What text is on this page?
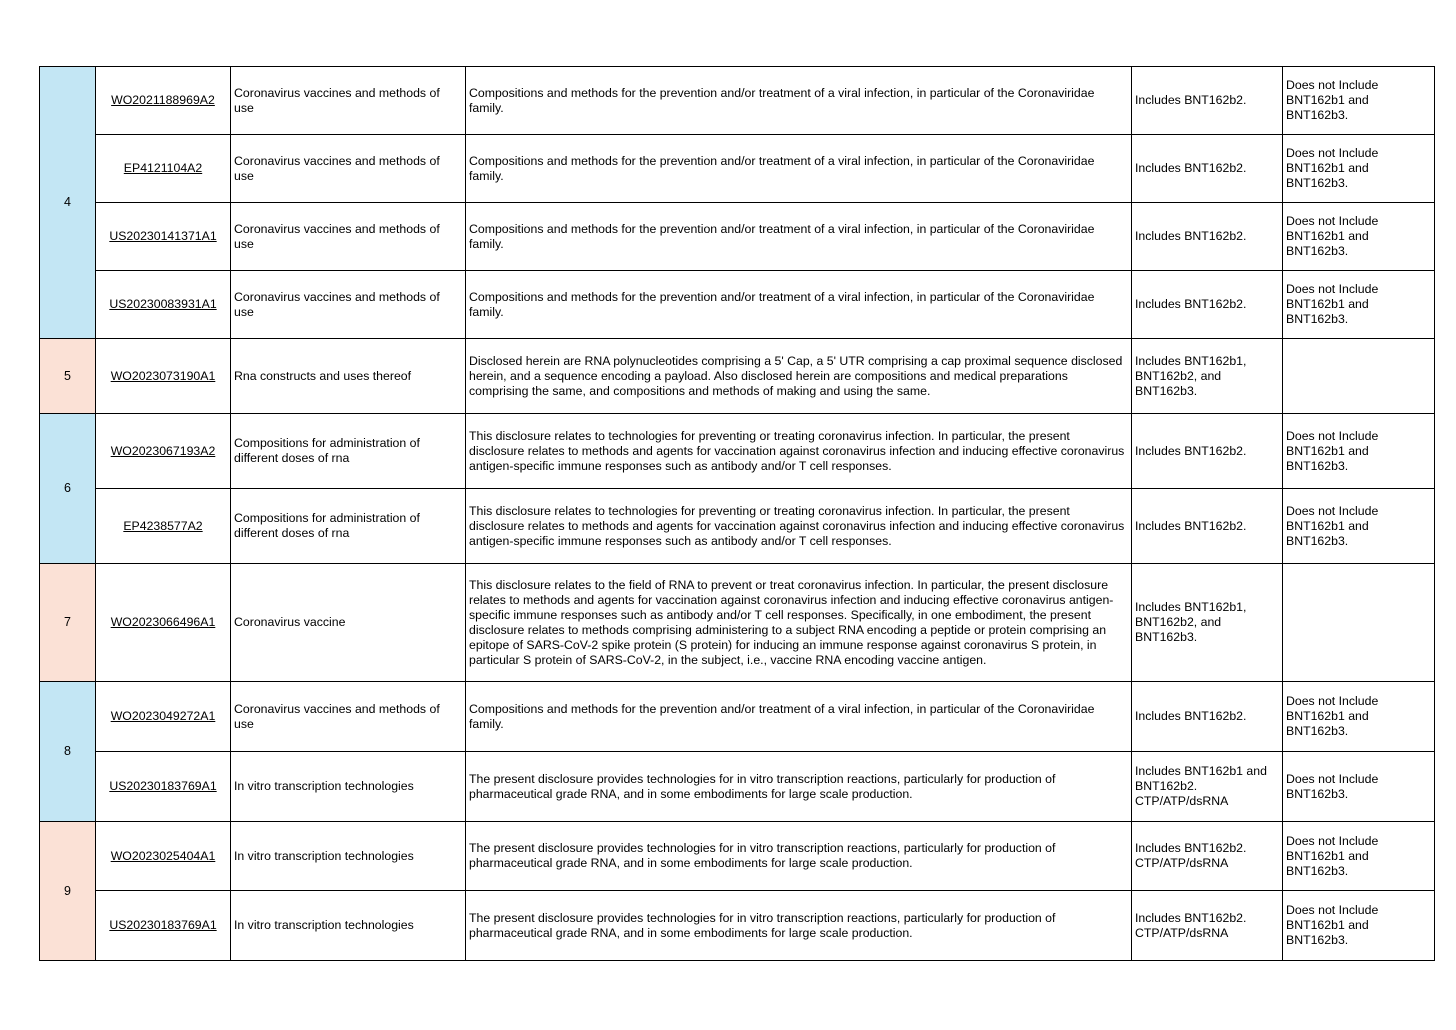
4	WO2021188969A2	Coronavirus vaccines and methods of use	Compositions and methods for the prevention and/or treatment of a viral infection, in particular of the Coronaviridae family.	Includes BNT162b2.	Does not Include BNT162b1 and BNT162b3.
	EP4121104A2	Coronavirus vaccines and methods of use	Compositions and methods for the prevention and/or treatment of a viral infection, in particular of the Coronaviridae family.	Includes BNT162b2.	Does not Include BNT162b1 and BNT162b3.
	US20230141371A1	Coronavirus vaccines and methods of use	Compositions and methods for the prevention and/or treatment of a viral infection, in particular of the Coronaviridae family.	Includes BNT162b2.	Does not Include BNT162b1 and BNT162b3.
	US20230083931A1	Coronavirus vaccines and methods of use	Compositions and methods for the prevention and/or treatment of a viral infection, in particular of the Coronaviridae family.	Includes BNT162b2.	Does not Include BNT162b1 and BNT162b3.
5	WO2023073190A1	Rna constructs and uses thereof	Disclosed herein are RNA polynucleotides comprising a 5' Cap, a 5' UTR comprising a cap proximal sequence disclosed herein, and a sequence encoding a payload. Also disclosed herein are compositions and medical preparations comprising the same, and compositions and methods of making and using the same.	Includes BNT162b1, BNT162b2, and BNT162b3.	
6	WO2023067193A2	Compositions for administration of different doses of rna	This disclosure relates to technologies for preventing or treating coronavirus infection. In particular, the present disclosure relates to methods and agents for vaccination against coronavirus infection and inducing effective coronavirus antigen-specific immune responses such as antibody and/or T cell responses.	Includes BNT162b2.	Does not Include BNT162b1 and BNT162b3.
	EP4238577A2	Compositions for administration of different doses of rna	This disclosure relates to technologies for preventing or treating coronavirus infection. In particular, the present disclosure relates to methods and agents for vaccination against coronavirus infection and inducing effective coronavirus antigen-specific immune responses such as antibody and/or T cell responses.	Includes BNT162b2.	Does not Include BNT162b1 and BNT162b3.
7	WO2023066496A1	Coronavirus vaccine	This disclosure relates to the field of RNA to prevent or treat coronavirus infection. In particular, the present disclosure relates to methods and agents for vaccination against coronavirus infection and inducing effective coronavirus antigen-specific immune responses such as antibody and/or T cell responses. Specifically, in one embodiment, the present disclosure relates to methods comprising administering to a subject RNA encoding a peptide or protein comprising an epitope of SARS-CoV-2 spike protein (S protein) for inducing an immune response against coronavirus S protein, in particular S protein of SARS-CoV-2, in the subject, i.e., vaccine RNA encoding vaccine antigen.	Includes BNT162b1, BNT162b2, and BNT162b3.	
8	WO2023049272A1	Coronavirus vaccines and methods of use	Compositions and methods for the prevention and/or treatment of a viral infection, in particular of the Coronaviridae family.	Includes BNT162b2.	Does not Include BNT162b1 and BNT162b3.
	US20230183769A1	In vitro transcription technologies	The present disclosure provides technologies for in vitro transcription reactions, particularly for production of pharmaceutical grade RNA, and in some embodiments for large scale production.	Includes BNT162b1 and BNT162b2. CTP/ATP/dsRNA	Does not Include BNT162b3.
9	WO2023025404A1	In vitro transcription technologies	The present disclosure provides technologies for in vitro transcription reactions, particularly for production of pharmaceutical grade RNA, and in some embodiments for large scale production.	Includes BNT162b2. CTP/ATP/dsRNA	Does not Include BNT162b1 and BNT162b3.
	US20230183769A1	In vitro transcription technologies	The present disclosure provides technologies for in vitro transcription reactions, particularly for production of pharmaceutical grade RNA, and in some embodiments for large scale production.	Includes BNT162b2. CTP/ATP/dsRNA	Does not Include BNT162b1 and BNT162b3.
